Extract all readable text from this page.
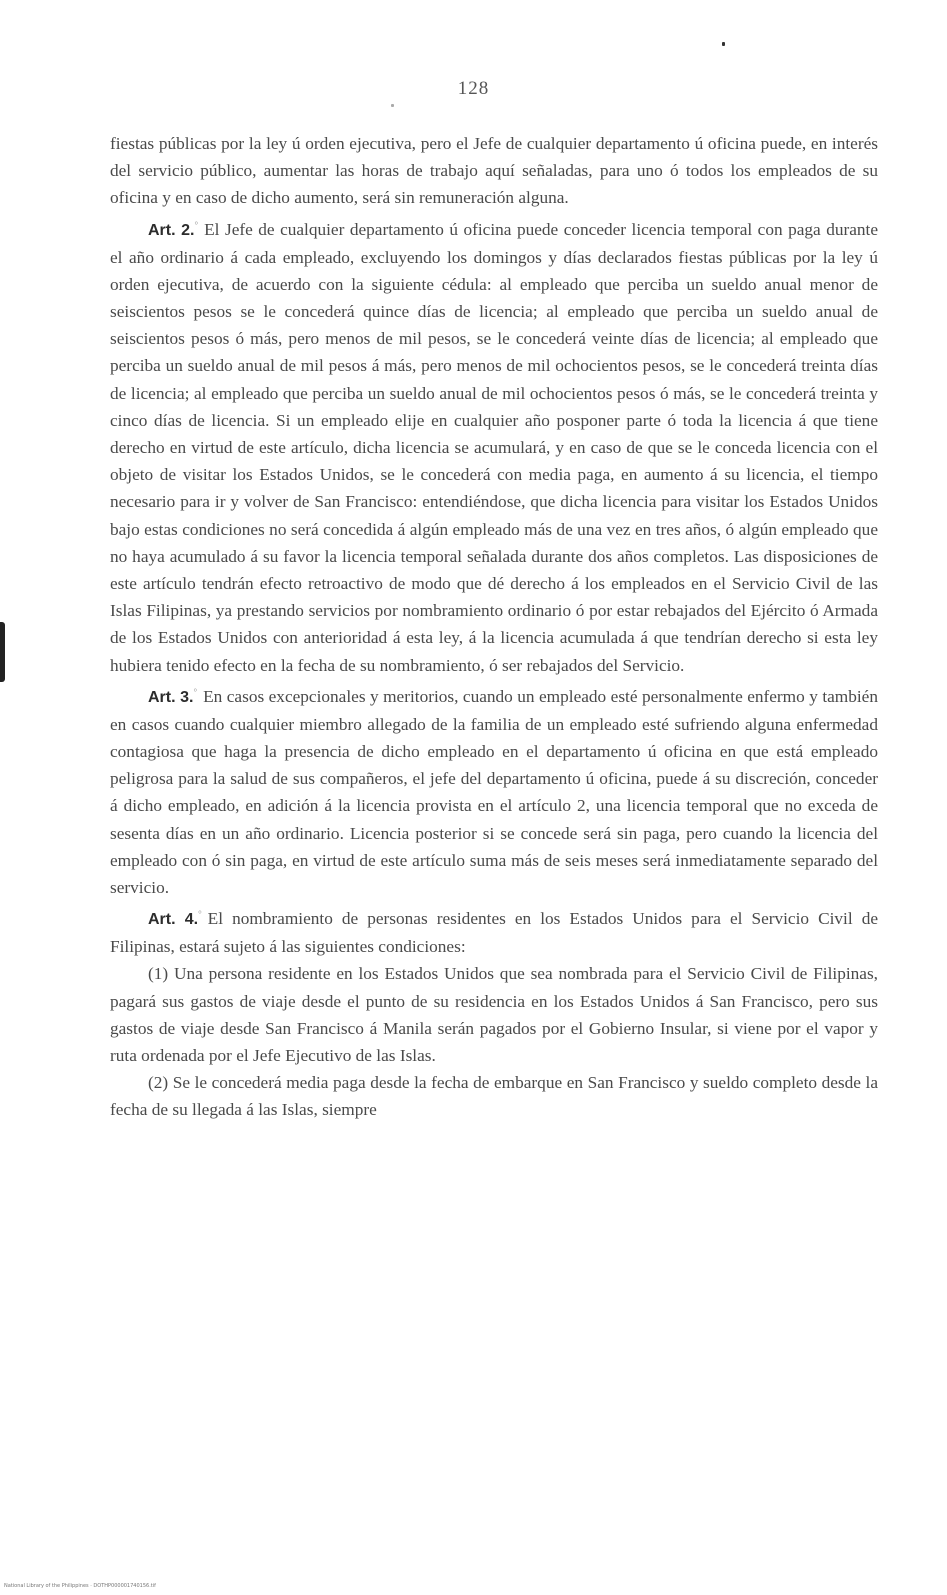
128

fiestas públicas por la ley ú orden ejecutiva, pero el Jefe de cualquier departamento ú oficina puede, en interés del servicio público, aumentar las horas de trabajo aquí señaladas, para uno ó todos los empleados de su oficina y en caso de dicho aumento, será sin remuneración alguna.

Art. 2.° El Jefe de cualquier departamento ú oficina puede conceder licencia temporal con paga durante el año ordinario á cada empleado, excluyendo los domingos y días declarados fiestas públicas por la ley ú orden ejecutiva, de acuerdo con la siguiente cédula: al empleado que perciba un sueldo anual menor de seiscientos pesos se le concederá quince días de licencia; al empleado que perciba un sueldo anual de seiscientos pesos ó más, pero menos de mil pesos, se le concederá veinte días de licencia; al empleado que perciba un sueldo anual de mil pesos á más, pero menos de mil ochocientos pesos, se le concederá treinta días de licencia; al empleado que perciba un sueldo anual de mil ochocientos pesos ó más, se le concederá treinta y cinco días de licencia. Si un empleado elije en cualquier año posponer parte ó toda la licencia á que tiene derecho en virtud de este artículo, dicha licencia se acumulará, y en caso de que se le conceda licencia con el objeto de visitar los Estados Unidos, se le concederá con media paga, en aumento á su licencia, el tiempo necesario para ir y volver de San Francisco: entendiéndose, que dicha licencia para visitar los Estados Unidos bajo estas condiciones no será concedida á algún empleado más de una vez en tres años, ó algún empleado que no haya acumulado á su favor la licencia temporal señalada durante dos años completos. Las disposiciones de este artículo tendrán efecto retroactivo de modo que dé derecho á los empleados en el Servicio Civil de las Islas Filipinas, ya prestando servicios por nombramiento ordinario ó por estar rebajados del Ejército ó Armada de los Estados Unidos con anterioridad á esta ley, á la licencia acumulada á que tendrían derecho si esta ley hubiera tenido efecto en la fecha de su nombramiento, ó ser rebajados del Servicio.

Art. 3.° En casos excepcionales y meritorios, cuando un empleado esté personalmente enfermo y también en casos cuando cualquier miembro allegado de la familia de un empleado esté sufriendo alguna enfermedad contagiosa que haga la presencia de dicho empleado en el departamento ú oficina en que está empleado peligrosa para la salud de sus compañeros, el jefe del departamento ú oficina, puede á su discreción, conceder á dicho empleado, en adición á la licencia provista en el artículo 2, una licencia temporal que no exceda de sesenta días en un año ordinario. Licencia posterior si se concede será sin paga, pero cuando la licencia del empleado con ó sin paga, en virtud de este artículo suma más de seis meses será inmediatamente separado del servicio.

Art. 4.° El nombramiento de personas residentes en los Estados Unidos para el Servicio Civil de Filipinas, estará sujeto á las siguientes condiciones:

(1) Una persona residente en los Estados Unidos que sea nombrada para el Servicio Civil de Filipinas, pagará sus gastos de viaje desde el punto de su residencia en los Estados Unidos á San Francisco, pero sus gastos de viaje desde San Francisco á Manila serán pagados por el Gobierno Insular, si viene por el vapor y ruta ordenada por el Jefe Ejecutivo de las Islas.

(2) Se le concederá media paga desde la fecha de embarque en San Francisco y sueldo completo desde la fecha de su llegada á las Islas, siempre

National Library of the Philippines · DOTHP000001740156.tif
